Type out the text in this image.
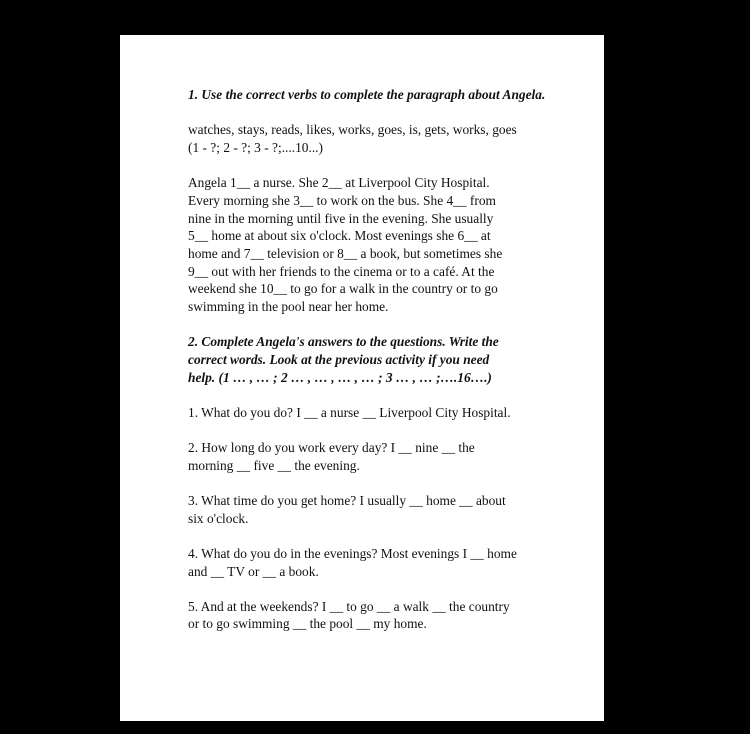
1. Use the correct verbs to complete the paragraph about Angela.

watches, stays, reads, likes, works, goes, is, gets, works, goes
(1 - ?; 2 - ?; 3 - ?;....10...)

Angela 1__ a nurse. She 2__ at Liverpool City Hospital.
Every morning she 3__ to work on the bus. She 4__ from
nine in the morning until five in the evening. She usually
5__ home at about six o'clock. Most evenings she 6__ at
home and 7__ television or 8__ a book, but sometimes she
9__ out with her friends to the cinema or to a café. At the
weekend she 10__ to go for a walk in the country or to go
swimming in the pool near her home.

2. Complete Angela's answers to the questions. Write the
correct words. Look at the previous activity if you need
help. (1 … , … ; 2 … , … , … , … ; 3 … , … ;….16….)

1. What do you do? I __ a nurse __ Liverpool City Hospital.

2. How long do you work every day? I __ nine __ the
morning __ five __ the evening.

3. What time do you get home? I usually __ home __ about
six o'clock.

4. What do you do in the evenings? Most evenings I __ home
and __ TV or __ a book.

5. And at the weekends? I __ to go __ a walk __ the country
or to go swimming __ the pool __ my home.
